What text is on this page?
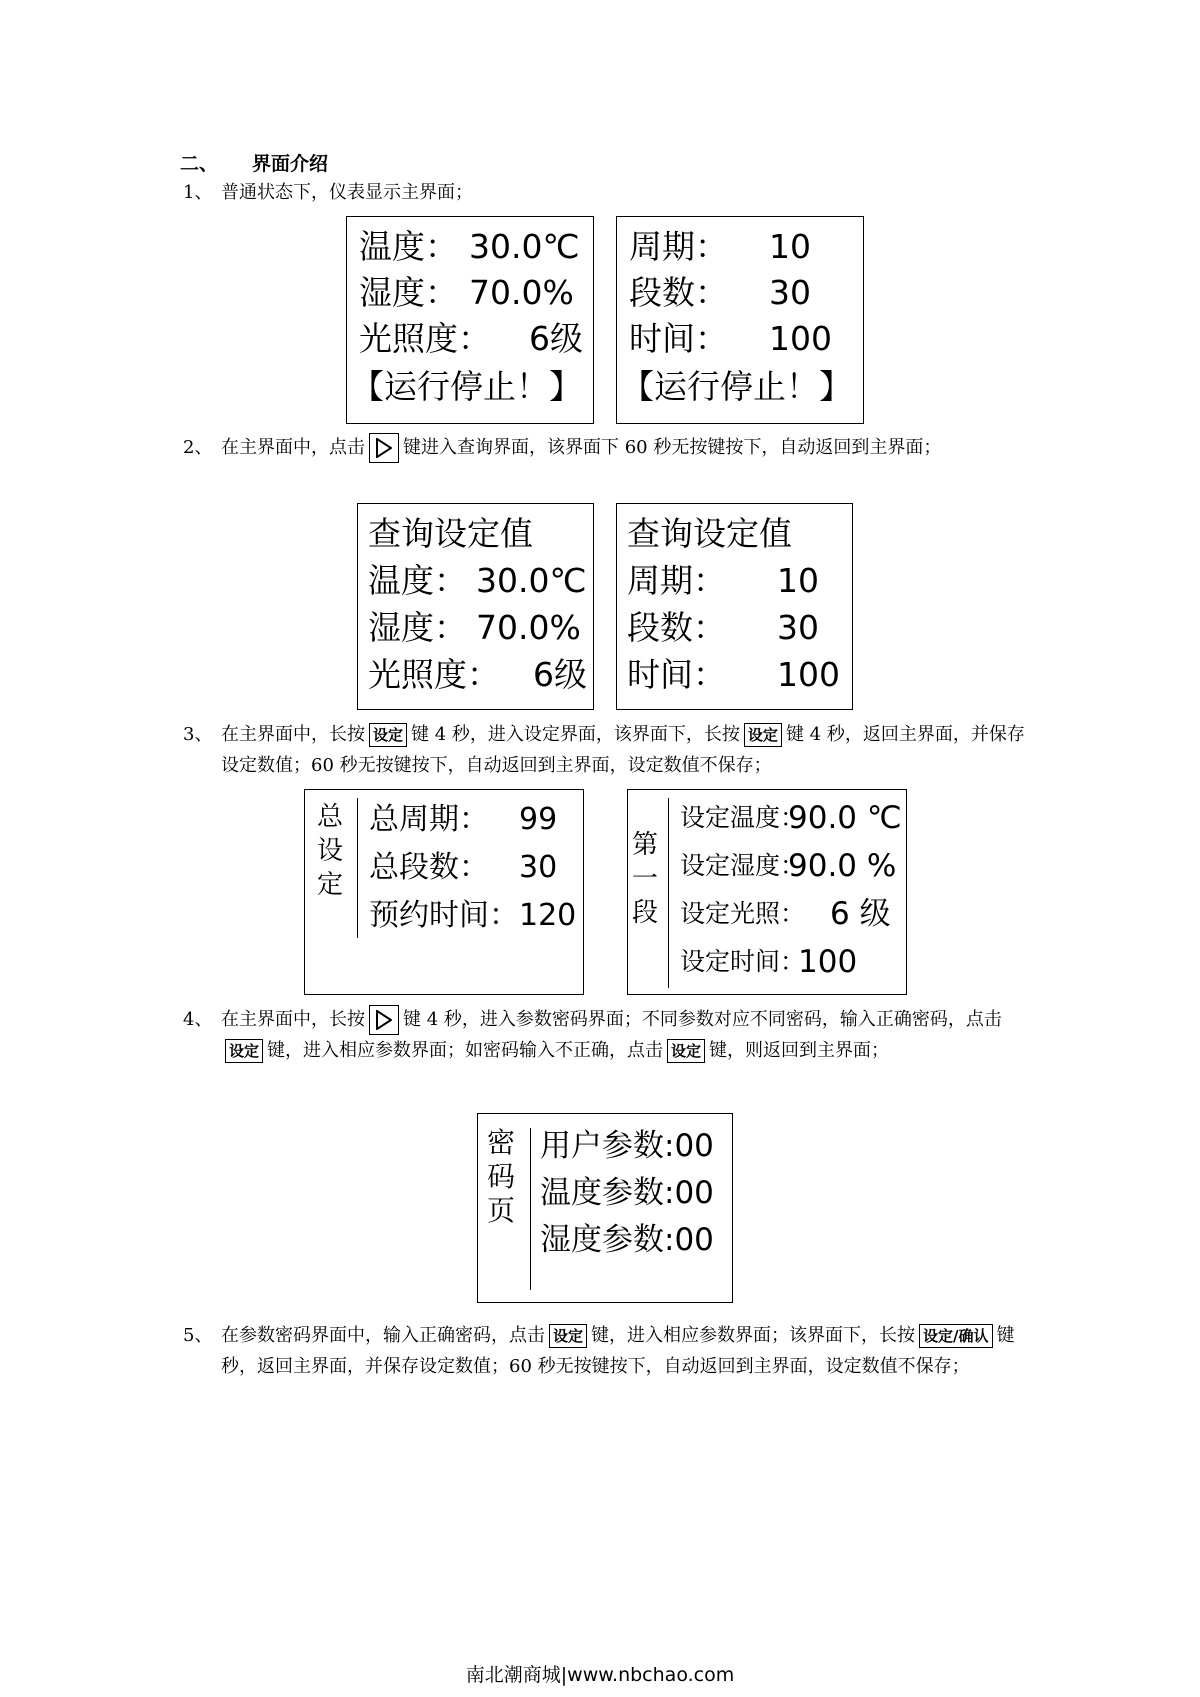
二、 界面介绍
1、 普通状态下，仪表显示主界面；
温度： 30.0℃
湿度： 70.0%
光照度： 6级
【运行停止！】
周期： 10
段数： 30
时间： 100
【运行停止！】
2、 在主界面中，点击 键进入查询界面，该界面下 60 秒无按键按下，自动返回到主界面；
查询设定值
温度： 30.0℃
湿度： 70.0%
光照度： 6级
查询设定值
周期： 10
段数： 30
时间： 100
3、 在主界面中，长按 设定 键 4 秒，进入设定界面，该界面下，长按 设定 键 4 秒，返回主界面，并保存设定数值；60 秒无按键按下，自动返回到主界面，设定数值不保存；
总
设
定
总周期： 99
总段数： 30
预约时间： 120
第
一
段
设定温度：
90.0 ℃
设定湿度：
90.0 %
设定光照： 6 级
设定时间：
100
4、 在主界面中，长按 键 4 秒，进入参数密码界面；不同参数对应不同密码，输入正确密码，点击设定 键，进入相应参数界面；如密码输入不正确，点击 设定 键，则返回到主界面；
密
码
页
用户参数:00
温度参数:00
湿度参数:00
5、 在参数密码界面中，输入正确密码，点击 设定 键，进入相应参数界面；该界面下，长按 设定/确认 键秒，返回主界面，并保存设定数值；60 秒无按键按下，自动返回到主界面，设定数值不保存；
南北潮商城|www.nbchao.com
